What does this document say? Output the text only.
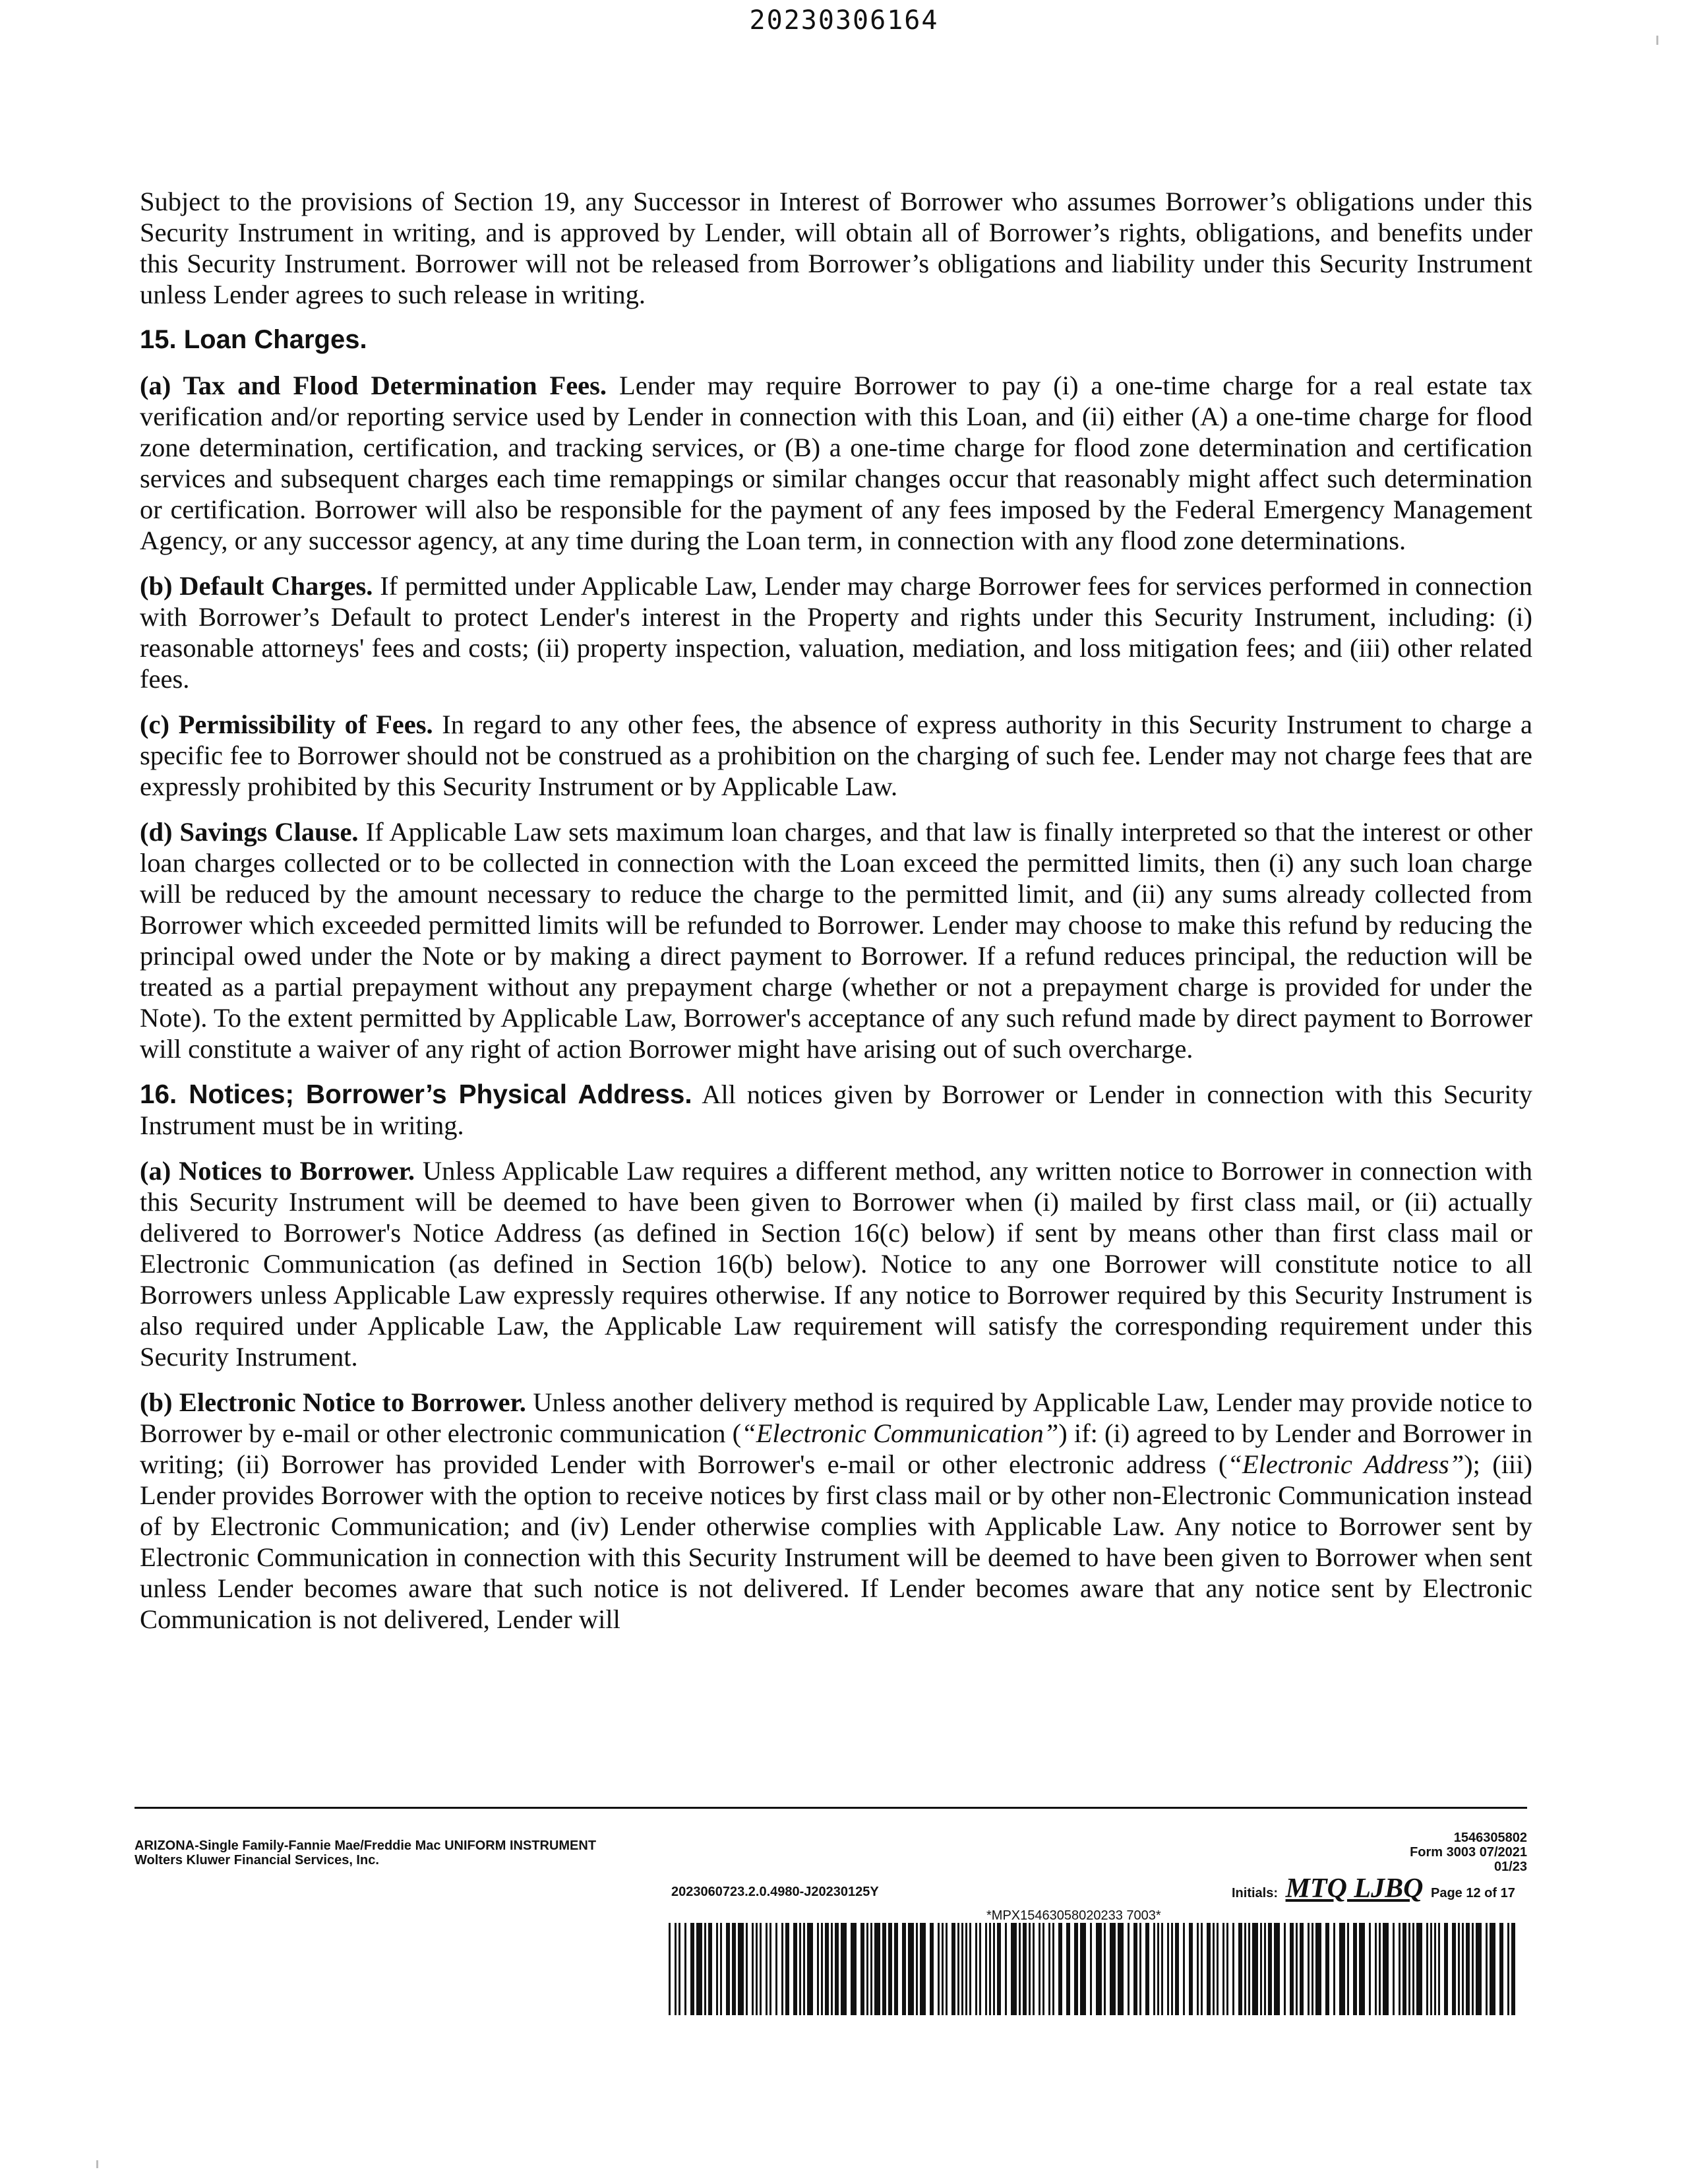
20230306164

Subject to the provisions of Section 19, any Successor in Interest of Borrower who assumes Borrower’s obligations under this Security Instrument in writing, and is approved by Lender, will obtain all of Borrower’s rights, obligations, and benefits under this Security Instrument. Borrower will not be released from Borrower’s obligations and liability under this Security Instrument unless Lender agrees to such release in writing.

15. Loan Charges.

(a) Tax and Flood Determination Fees. Lender may require Borrower to pay (i) a one-time charge for a real estate tax verification and/or reporting service used by Lender in connection with this Loan, and (ii) either (A) a one-time charge for flood zone determination, certification, and tracking services, or (B) a one-time charge for flood zone determination and certification services and subsequent charges each time remappings or similar changes occur that reasonably might affect such determination or certification. Borrower will also be responsible for the payment of any fees imposed by the Federal Emergency Management Agency, or any successor agency, at any time during the Loan term, in connection with any flood zone determinations.

(b) Default Charges. If permitted under Applicable Law, Lender may charge Borrower fees for services performed in connection with Borrower’s Default to protect Lender's interest in the Property and rights under this Security Instrument, including: (i) reasonable attorneys' fees and costs; (ii) property inspection, valuation, mediation, and loss mitigation fees; and (iii) other related fees.

(c) Permissibility of Fees. In regard to any other fees, the absence of express authority in this Security Instrument to charge a specific fee to Borrower should not be construed as a prohibition on the charging of such fee. Lender may not charge fees that are expressly prohibited by this Security Instrument or by Applicable Law.

(d) Savings Clause. If Applicable Law sets maximum loan charges, and that law is finally interpreted so that the interest or other loan charges collected or to be collected in connection with the Loan exceed the permitted limits, then (i) any such loan charge will be reduced by the amount necessary to reduce the charge to the permitted limit, and (ii) any sums already collected from Borrower which exceeded permitted limits will be refunded to Borrower. Lender may choose to make this refund by reducing the principal owed under the Note or by making a direct payment to Borrower. If a refund reduces principal, the reduction will be treated as a partial prepayment without any prepayment charge (whether or not a prepayment charge is provided for under the Note). To the extent permitted by Applicable Law, Borrower's acceptance of any such refund made by direct payment to Borrower will constitute a waiver of any right of action Borrower might have arising out of such overcharge.

16. Notices; Borrower’s Physical Address. All notices given by Borrower or Lender in connection with this Security Instrument must be in writing.

(a) Notices to Borrower. Unless Applicable Law requires a different method, any written notice to Borrower in connection with this Security Instrument will be deemed to have been given to Borrower when (i) mailed by first class mail, or (ii) actually delivered to Borrower's Notice Address (as defined in Section 16(c) below) if sent by means other than first class mail or Electronic Communication (as defined in Section 16(b) below). Notice to any one Borrower will constitute notice to all Borrowers unless Applicable Law expressly requires otherwise. If any notice to Borrower required by this Security Instrument is also required under Applicable Law, the Applicable Law requirement will satisfy the corresponding requirement under this Security Instrument.

(b) Electronic Notice to Borrower. Unless another delivery method is required by Applicable Law, Lender may provide notice to Borrower by e-mail or other electronic communication (“Electronic Communication”) if: (i) agreed to by Lender and Borrower in writing; (ii) Borrower has provided Lender with Borrower's e-mail or other electronic address (“Electronic Address”); (iii) Lender provides Borrower with the option to receive notices by first class mail or by other non-Electronic Communication instead of by Electronic Communication; and (iv) Lender otherwise complies with Applicable Law. Any notice to Borrower sent by Electronic Communication in connection with this Security Instrument will be deemed to have been given to Borrower when sent unless Lender becomes aware that such notice is not delivered. If Lender becomes aware that any notice sent by Electronic Communication is not delivered, Lender will

ARIZONA-Single Family-Fannie Mae/Freddie Mac UNIFORM INSTRUMENT
Wolters Kluwer Financial Services, Inc.
2023060723.2.0.4980-J20230125Y
1546305802
Form 3003 07/2021
01/23
Initials: MTQ LJBQ Page 12 of 17
*MPX15463058020233 7003*
